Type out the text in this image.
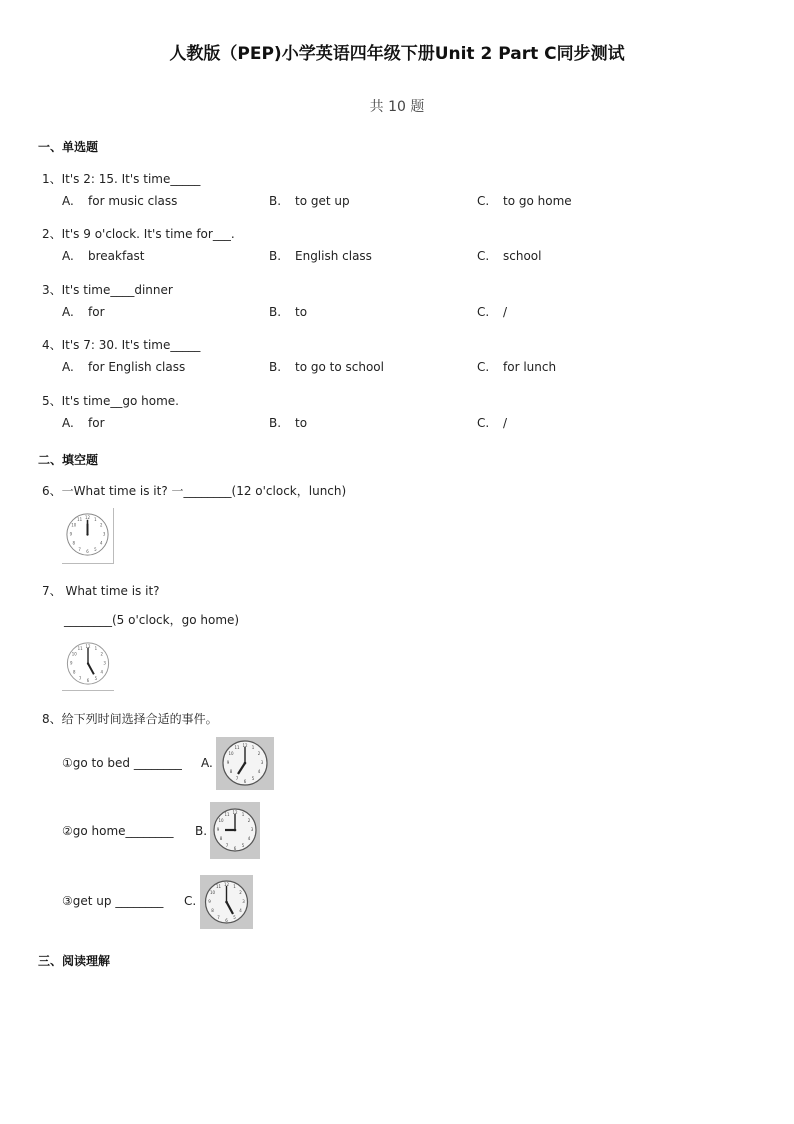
人教版（PEP)小学英语四年级下册Unit 2 Part C同步测试
共 10 题
一、单选题
1、It's 2: 15. It's time_____
A. for music class	B. to get up	C. to go home
2、It's 9 o'clock. It's time for___.
A. breakfast	B. English class	C. school
3、It's time____dinner
A. for	B. to	C. /
4、It's 7: 30. It's time_____
A. for English class	B. to go to school	C. for lunch
5、It's time__go home.
A. for	B. to	C. /
二、填空题
6、一What time is it? 一________(12 o'clock，lunch)
12 1
2
3
4
5
6
7
8
9
10
11
7、 What time is it?
________(5 o'clock，go home)
12 1
2
3
4
5
6
7
8
9
10
11
8、给下列时间选择合适的事件。
①go to bed ________ A.
12 1
2
3
4
5
6
7
8
9
10
11
②go home________ B.
12 1
2
3
4
5
6
7
8
9
10
11
③get up ________ C.
12 1
2
3
4
5
6
7
8
9
10
11
三、阅读理解
